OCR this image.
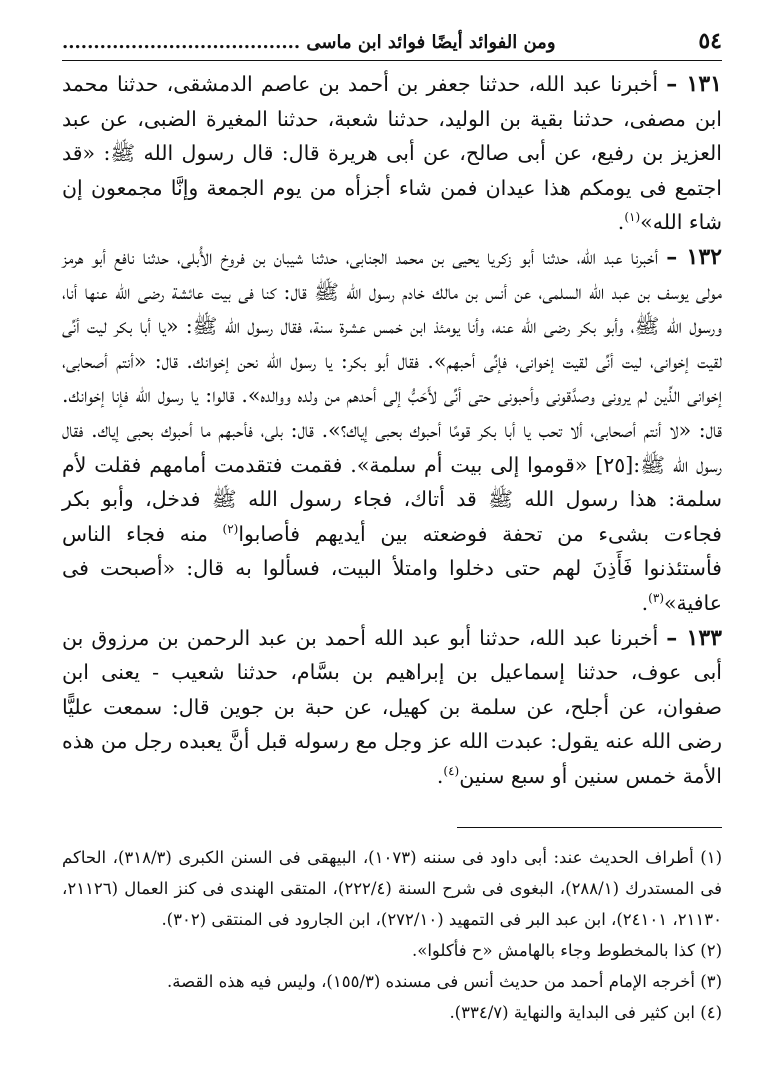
٥٤
ومن الفوائد أيضًا فوائد ابن ماسى ......................................

١٣١ – أخبرنا عبد الله، حدثنا جعفر بن أحمد بن عاصم الدمشقى، حدثنا محمد ابن مصفى، حدثنا بقية بن الوليد، حدثنا شعبة، حدثنا المغيرة الضبى، عن عبد العزيز بن رفيع، عن أبى صالح، عن أبى هريرة قال: قال رسول الله ﷺ: «قد اجتمع فى يومكم هذا عيدان فمن شاء أجزأه من يوم الجمعة وإنَّا مجمعون إن شاء الله»$^{(١)}$.

١٣٢ – أخبرنا عبد الله، حدثنا أبو زكريا يحيى بن محمد الجنابى، حدثنا شيبان بن فروخ الأُبلى، حدثنا نافع أبو هرمز مولى يوسف بن عبد الله السلمى، عن أنس بن مالك خادم رسول الله ﷺ قال: كنا فى بيت عائشة رضى الله عنها أنا، ورسول الله ﷺ، وأبو بكر رضى الله عنه، وأنا يومئذ ابن خمس عشرة سنة، فقال رسول الله ﷺ: «يا أبا بكر ليت أنِّى لقيت إخوانى، ليت أنِّى لقيت إخوانى، فإنِّى أحبهم». فقال أبو بكر: يا رسول الله نحن إخوانك. قال: «أنتم أصحابى، إخوانى الذِّين لم يرونى وصدَّقونى وأحبونى حتى أنِّى لأَحَبُّ إلى أحدهم من ولده ووالده». قالوا: يا رسول الله فإنا إخوانك. قال: «لا أنتم أصحابى، ألا تحب يا أبا بكر قومًا أحبوك بحبى إياك؟». قال: بلى، فأحبهم ما أحبوك بحبى إياك. فقال رسول الله ﷺ:[٢٥] «قوموا إلى بيت أم سلمة». فقمت فتقدمت أمامهم فقلت لأم سلمة: هذا رسول الله ﷺ قد أتاك، فجاء رسول الله ﷺ فدخل، وأبو بكر فجاءت بشىء من تحفة فوضعته بين أيديهم فأصابوا$^{(٢)}$ منه فجاء الناس فأستئذنوا فَأَذِنَ لهم حتى دخلوا وامتلأ البيت، فسألوا به قال: «أصبحت فى عافية»$^{(٣)}$.

١٣٣ – أخبرنا عبد الله، حدثنا أبو عبد الله أحمد بن عبد الرحمن بن مرزوق بن أبى عوف، حدثنا إسماعيل بن إبراهيم بن بسَّام، حدثنا شعيب - يعنى ابن صفوان، عن أجلح، عن سلمة بن كهيل، عن حبة بن جوين قال: سمعت عليًّا رضى الله عنه يقول: عبدت الله عز وجل مع رسوله قبل أنَّ يعبده رجل من هذه الأمة خمس سنين أو سبع سنين$^{(٤)}$.

(١) أطراف الحديث عند: أبى داود فى سننه (١٠٧٣)، البيهقى فى السنن الكبرى (٣١٨/٣)، الحاكم فى المستدرك (٢٨٨/١)، البغوى فى شرح السنة (٢٢٢/٤)، المتقى الهندى فى كنز العمال (٢١١٢٦، ٢١١٣٠، ٢٤١٠١)، ابن عبد البر فى التمهيد (٢٧٢/١٠)، ابن الجارود فى المنتقى (٣٠٢).

(٢) كذا بالمخطوط وجاء بالهامش «ح فأكلوا».

(٣) أخرجه الإمام أحمد من حديث أنس فى مسنده (١٥٥/٣)، وليس فيه هذه القصة.

(٤) ابن كثير فى البداية والنهاية (٣٣٤/٧).
